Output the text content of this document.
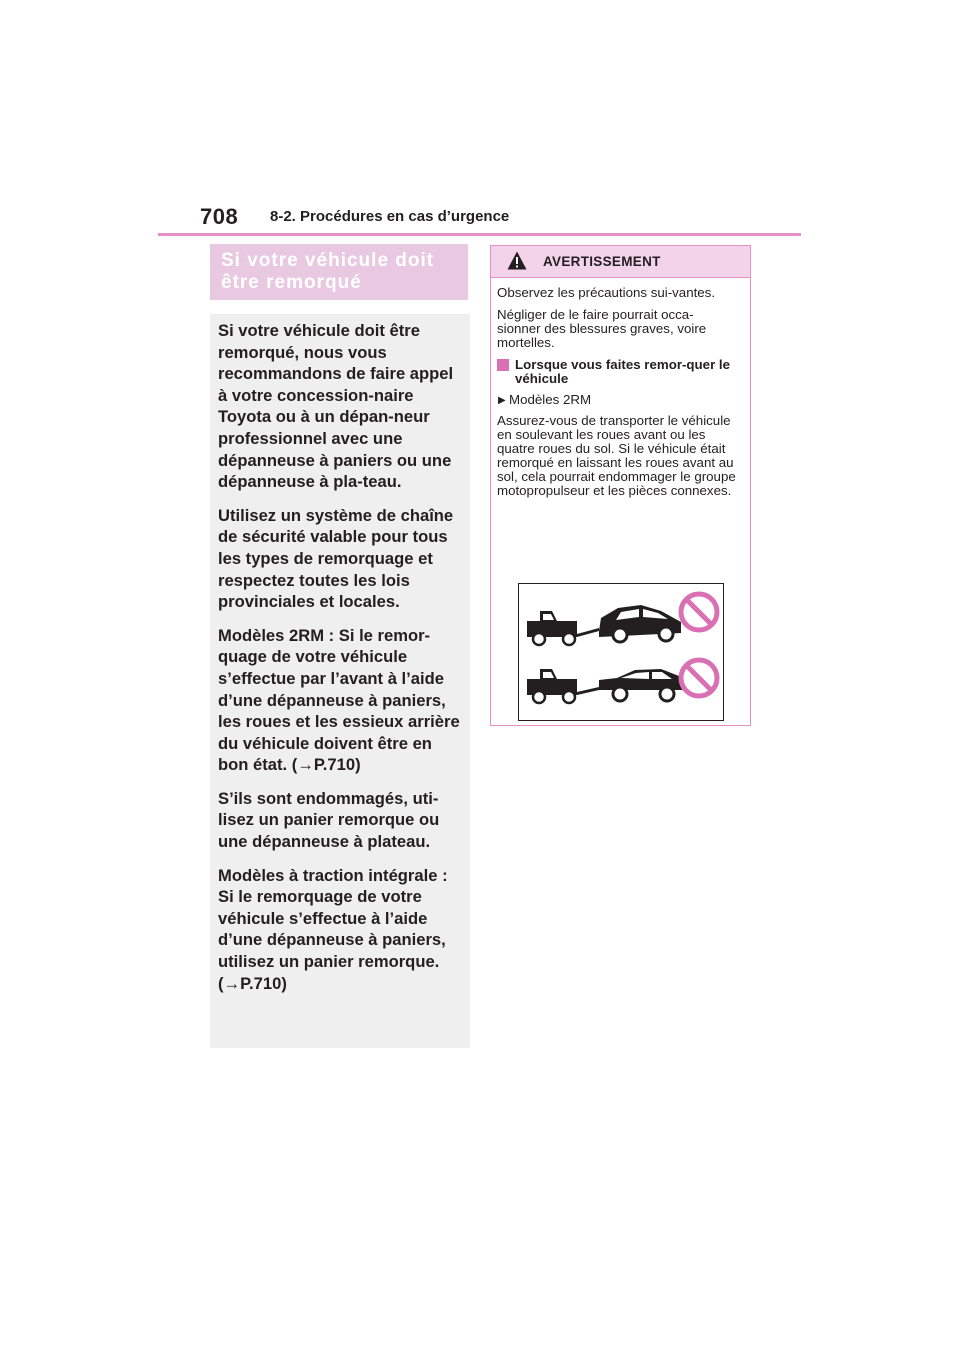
708 8-2. Procédures en cas d’urgence
Si votre véhicule doit
être remorqué

Si votre véhicule doit être remorqué, nous vous recommandons de faire appel à votre concession-naire Toyota ou à un dépan-neur professionnel avec une dépanneuse à paniers ou une dépanneuse à pla-teau.

Utilisez un système de chaîne de sécurité valable pour tous les types de remorquage et respectez toutes les lois provinciales et locales.

Modèles 2RM : Si le remor-quage de votre véhicule s’effectue par l’avant à l’aide d’une dépanneuse à paniers, les roues et les essieux arrière du véhicule doivent être en bon état. (→P.710)

S’ils sont endommagés, uti-lisez un panier remorque ou une dépanneuse à plateau.

Modèles à traction intégrale : Si le remorquage de votre véhicule s’effectue à l’aide d’une dépanneuse à paniers, utilisez un panier remorque. (→P.710)

AVERTISSEMENT

Observez les précautions sui-vantes.

Négliger de le faire pourrait occa-sionner des blessures graves, voire mortelles.

Lorsque vous faites remor-quer le véhicule
▶ Modèles 2RM

Assurez-vous de transporter le véhicule en soulevant les roues avant ou les quatre roues du sol. Si le véhicule était remorqué en laissant les roues avant au sol, cela pourrait endommager le groupe motopropulseur et les pièces connexes.
